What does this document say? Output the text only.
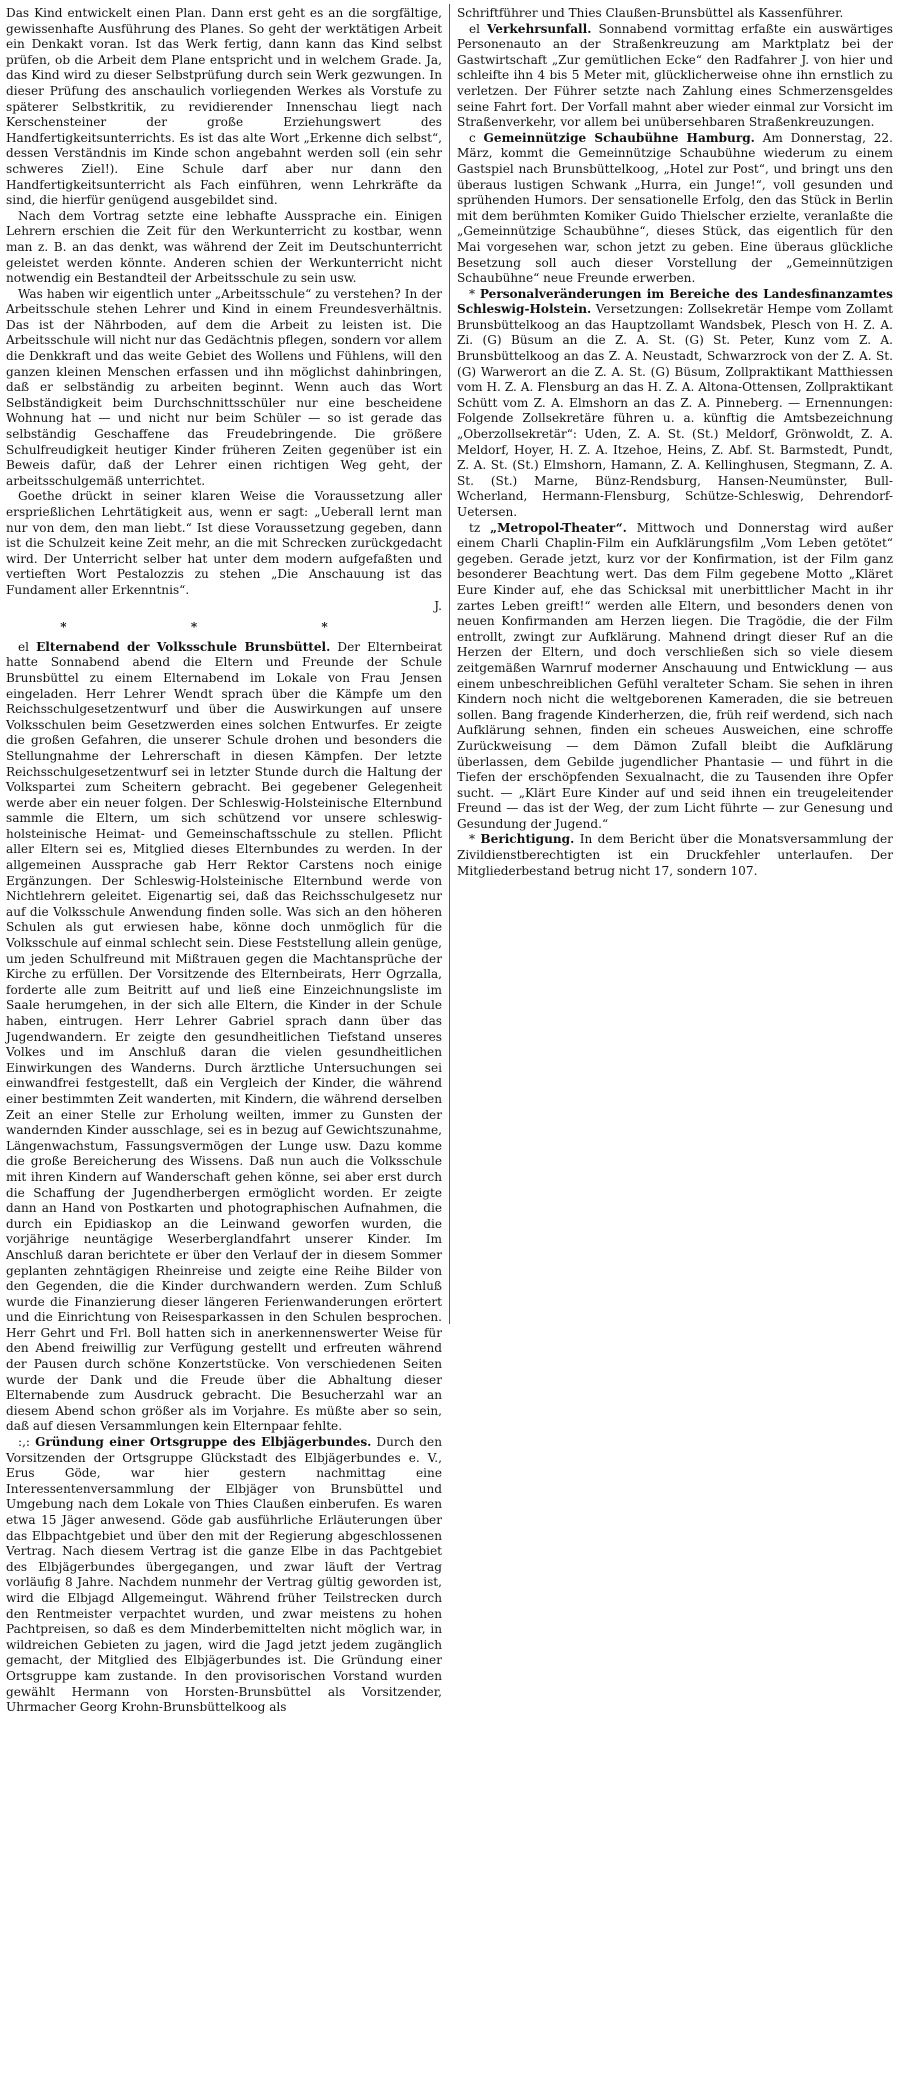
Das Kind entwickelt einen Plan. Dann erst geht es an die sorgfältige, gewissenhafte Ausführung des Planes. So geht der werktätigen Arbeit ein Denkakt voran. Ist das Werk fertig, dann kann das Kind selbst prüfen, ob die Arbeit dem Plane entspricht und in welchem Grade. Ja, das Kind wird zu dieser Selbstprüfung durch sein Werk gezwungen. In dieser Prüfung des anschaulich vorliegenden Werkes als Vorstufe zu späterer Selbstkritik, zu revidierender Innenschau liegt nach Kerschensteiner der große Erziehungswert des Handfertigkeitsunterrichts. Es ist das alte Wort „Erkenne dich selbst“, dessen Verständnis im Kinde schon angebahnt werden soll (ein sehr schweres Ziel!). Eine Schule darf aber nur dann den Handfertigkeitsunterricht als Fach einführen, wenn Lehrkräfte da sind, die hierfür genügend ausgebildet sind.

Nach dem Vortrag setzte eine lebhafte Aussprache ein. Einigen Lehrern erschien die Zeit für den Werkunterricht zu kostbar, wenn man z. B. an das denkt, was während der Zeit im Deutschunterricht geleistet werden könnte. Anderen schien der Werkunterricht nicht notwendig ein Bestandteil der Arbeitsschule zu sein usw.

Was haben wir eigentlich unter „Arbeitsschule“ zu verstehen? In der Arbeitsschule stehen Lehrer und Kind in einem Freundesverhältnis. Das ist der Nährboden, auf dem die Arbeit zu leisten ist. Die Arbeitsschule will nicht nur das Gedächtnis pflegen, sondern vor allem die Denkkraft und das weite Gebiet des Wollens und Fühlens, will den ganzen kleinen Menschen erfassen und ihn möglichst dahinbringen, daß er selbständig zu arbeiten beginnt. Wenn auch das Wort Selbständigkeit beim Durchschnittsschüler nur eine bescheidene Wohnung hat — und nicht nur beim Schüler — so ist gerade das selbständig Geschaffene das Freudebringende. Die größere Schulfreudigkeit heutiger Kinder früheren Zeiten gegenüber ist ein Beweis dafür, daß der Lehrer einen richtigen Weg geht, der arbeitsschulgemäß unterrichtet.

Goethe drückt in seiner klaren Weise die Voraussetzung aller ersprießlichen Lehrtätigkeit aus, wenn er sagt: „Ueberall lernt man nur von dem, den man liebt.“ Ist diese Voraussetzung gegeben, dann ist die Schulzeit keine Zeit mehr, an die mit Schrecken zurückgedacht wird. Der Unterricht selber hat unter dem modern aufgefaßten und vertieften Wort Pestalozzis zu stehen „Die Anschauung ist das Fundament aller Erkenntnis“.

J.

* * *

el Elternabend der Volksschule Brunsbüttel. Der Elternbeirat hatte Sonnabend abend die Eltern und Freunde der Schule Brunsbüttel zu einem Elternabend im Lokale von Frau Jensen eingeladen. Herr Lehrer Wendt sprach über die Kämpfe um den Reichsschulgesetzentwurf und über die Auswirkungen auf unsere Volksschulen beim Gesetzwerden eines solchen Entwurfes. Er zeigte die großen Gefahren, die unserer Schule drohen und besonders die Stellungnahme der Lehrerschaft in diesen Kämpfen. Der letzte Reichsschulgesetzentwurf sei in letzter Stunde durch die Haltung der Volkspartei zum Scheitern gebracht. Bei gegebener Gelegenheit werde aber ein neuer folgen. Der Schleswig-Holsteinische Elternbund sammle die Eltern, um sich schützend vor unsere schleswig-holsteinische Heimat- und Gemeinschaftsschule zu stellen. Pflicht aller Eltern sei es, Mitglied dieses Elternbundes zu werden. In der allgemeinen Aussprache gab Herr Rektor Carstens noch einige Ergänzungen. Der Schleswig-Holsteinische Elternbund werde von Nichtlehrern geleitet. Eigenartig sei, daß das Reichsschulgesetz nur auf die Volksschule Anwendung finden solle. Was sich an den höheren Schulen als gut erwiesen habe, könne doch unmöglich für die Volksschule auf einmal schlecht sein. Diese Feststellung allein genüge, um jeden Schulfreund mit Mißtrauen gegen die Machtansprüche der Kirche zu erfüllen. Der Vorsitzende des Elternbeirats, Herr Ogrzalla, forderte alle zum Beitritt auf und ließ eine Einzeichnungsliste im Saale herumgehen, in der sich alle Eltern, die Kinder in der Schule haben, eintrugen. Herr Lehrer Gabriel sprach dann über das Jugendwandern. Er zeigte den gesundheitlichen Tiefstand unseres Volkes und im Anschluß daran die vielen gesundheitlichen Einwirkungen des Wanderns. Durch ärztliche Untersuchungen sei einwandfrei festgestellt, daß ein Vergleich der Kinder, die während einer bestimmten Zeit wanderten, mit Kindern, die während derselben Zeit an einer Stelle zur Erholung weilten, immer zu Gunsten der wandernden Kinder ausschlage, sei es in bezug auf Gewichtszunahme, Längenwachstum, Fassungsvermögen der Lunge usw. Dazu komme die große Bereicherung des Wissens. Daß nun auch die Volksschule mit ihren Kindern auf Wanderschaft gehen könne, sei aber erst durch die Schaffung der Jugendherbergen ermöglicht worden. Er zeigte dann an Hand von Postkarten und photographischen Aufnahmen, die durch ein Epidiaskop an die Leinwand geworfen wurden, die vorjährige neuntägige Weserberglandfahrt unserer Kinder. Im Anschluß daran berichtete er über den Verlauf der in diesem Sommer geplanten zehntägigen Rheinreise und zeigte eine Reihe Bilder von den Gegenden, die die Kinder durchwandern werden. Zum Schluß wurde die Finanzierung dieser längeren Ferienwanderungen erörtert und die Einrichtung von Reisesparkassen in den Schulen besprochen. Herr Gehrt und Frl. Boll hatten sich in anerkennenswerter Weise für den Abend freiwillig zur Verfügung gestellt und erfreuten während der Pausen durch schöne Konzertstücke. Von verschiedenen Seiten wurde der Dank und die Freude über die Abhaltung dieser Elternabende zum Ausdruck gebracht. Die Besucherzahl war an diesem Abend schon größer als im Vorjahre. Es müßte aber so sein, daß auf diesen Versammlungen kein Elternpaar fehlte.

:,: Gründung einer Ortsgruppe des Elbjägerbundes. Durch den Vorsitzenden der Ortsgruppe Glückstadt des Elbjägerbundes e. V., Erus Göde, war hier gestern nachmittag eine Interessentenversammlung der Elbjäger von Brunsbüttel und Umgebung nach dem Lokale von Thies Claußen einberufen. Es waren etwa 15 Jäger anwesend. Göde gab ausführliche Erläuterungen über das Elbpachtgebiet und über den mit der Regierung abgeschlossenen Vertrag. Nach diesem Vertrag ist die ganze Elbe in das Pachtgebiet des Elbjägerbundes übergegangen, und zwar läuft der Vertrag vorläufig 8 Jahre. Nachdem nunmehr der Vertrag gültig geworden ist, wird die Elbjagd Allgemeingut. Während früher Teilstrecken durch den Rentmeister verpachtet wurden, und zwar meistens zu hohen Pachtpreisen, so daß es dem Minderbemittelten nicht möglich war, in wildreichen Gebieten zu jagen, wird die Jagd jetzt jedem zugänglich gemacht, der Mitglied des Elbjägerbundes ist. Die Gründung einer Ortsgruppe kam zustande. In den provisorischen Vorstand wurden gewählt Hermann von Horsten-Brunsbüttel als Vorsitzender, Uhrmacher Georg Krohn-Brunsbüttelkoog als

Schriftführer und Thies Claußen-Brunsbüttel als Kassenführer.

el Verkehrsunfall. Sonnabend vormittag erfaßte ein auswärtiges Personenauto an der Straßenkreuzung am Marktplatz bei der Gastwirtschaft „Zur gemütlichen Ecke“ den Radfahrer J. von hier und schleifte ihn 4 bis 5 Meter mit, glücklicherweise ohne ihn ernstlich zu verletzen. Der Führer setzte nach Zahlung eines Schmerzensgeldes seine Fahrt fort. Der Vorfall mahnt aber wieder einmal zur Vorsicht im Straßenverkehr, vor allem bei unübersehbaren Straßenkreuzungen.

c Gemeinnützige Schaubühne Hamburg. Am Donnerstag, 22. März, kommt die Gemeinnützige Schaubühne wiederum zu einem Gastspiel nach Brunsbüttelkoog, „Hotel zur Post“, und bringt uns den überaus lustigen Schwank „Hurra, ein Junge!“, voll gesunden und sprühenden Humors. Der sensationelle Erfolg, den das Stück in Berlin mit dem berühmten Komiker Guido Thielscher erzielte, veranlaßte die „Gemeinnützige Schaubühne“, dieses Stück, das eigentlich für den Mai vorgesehen war, schon jetzt zu geben. Eine überaus glückliche Besetzung soll auch dieser Vorstellung der „Gemeinnützigen Schaubühne“ neue Freunde erwerben.

* Personalveränderungen im Bereiche des Landesfinanzamtes Schleswig-Holstein. Versetzungen: Zollsekretär Hempe vom Zollamt Brunsbüttelkoog an das Hauptzollamt Wandsbek, Plesch von H. Z. A. Zi. (G) Büsum an die Z. A. St. (G) St. Peter, Kunz vom Z. A. Brunsbüttelkoog an das Z. A. Neustadt, Schwarzrock von der Z. A. St. (G) Warwerort an die Z. A. St. (G) Büsum, Zollpraktikant Matthiessen vom H. Z. A. Flensburg an das H. Z. A. Altona-Ottensen, Zollpraktikant Schütt vom Z. A. Elmshorn an das Z. A. Pinneberg. — Ernennungen: Folgende Zollsekretäre führen u. a. künftig die Amtsbezeichnung „Oberzollsekretär“: Uden, Z. A. St. (St.) Meldorf, Grönwoldt, Z. A. Meldorf, Hoyer, H. Z. A. Itzehoe, Heins, Z. Abf. St. Barmstedt, Pundt, Z. A. St. (St.) Elmshorn, Hamann, Z. A. Kellinghusen, Stegmann, Z. A. St. (St.) Marne, Bünz-Rendsburg, Hansen-Neumünster, Bull-Wcherland, Hermann-Flensburg, Schütze-Schleswig, Dehrendorf-Uetersen.

tz „Metropol-Theater“. Mittwoch und Donnerstag wird außer einem Charli Chaplin-Film ein Aufklärungsfilm „Vom Leben getötet“ gegeben. Gerade jetzt, kurz vor der Konfirmation, ist der Film ganz besonderer Beachtung wert. Das dem Film gegebene Motto „Kläret Eure Kinder auf, ehe das Schicksal mit unerbittlicher Macht in ihr zartes Leben greift!“ werden alle Eltern, und besonders denen von neuen Konfirmanden am Herzen liegen. Die Tragödie, die der Film entrollt, zwingt zur Aufklärung. Mahnend dringt dieser Ruf an die Herzen der Eltern, und doch verschließen sich so viele diesem zeitgemäßen Warnruf moderner Anschauung und Entwicklung — aus einem unbeschreiblichen Gefühl veralteter Scham. Sie sehen in ihren Kindern noch nicht die weltgeborenen Kameraden, die sie betreuen sollen. Bang fragende Kinderherzen, die, früh reif werdend, sich nach Aufklärung sehnen, finden ein scheues Ausweichen, eine schroffe Zurückweisung — dem Dämon Zufall bleibt die Aufklärung überlassen, dem Gebilde jugendlicher Phantasie — und führt in die Tiefen der erschöpfenden Sexualnacht, die zu Tausenden ihre Opfer sucht. — „Klärt Eure Kinder auf und seid ihnen ein treugeleitender Freund — das ist der Weg, der zum Licht führte — zur Genesung und Gesundung der Jugend.“

* Berichtigung. In dem Bericht über die Monatsversammlung der Zivildienstberechtigten ist ein Druckfehler unterlaufen. Der Mitgliederbestand betrug nicht 17, sondern 107.
